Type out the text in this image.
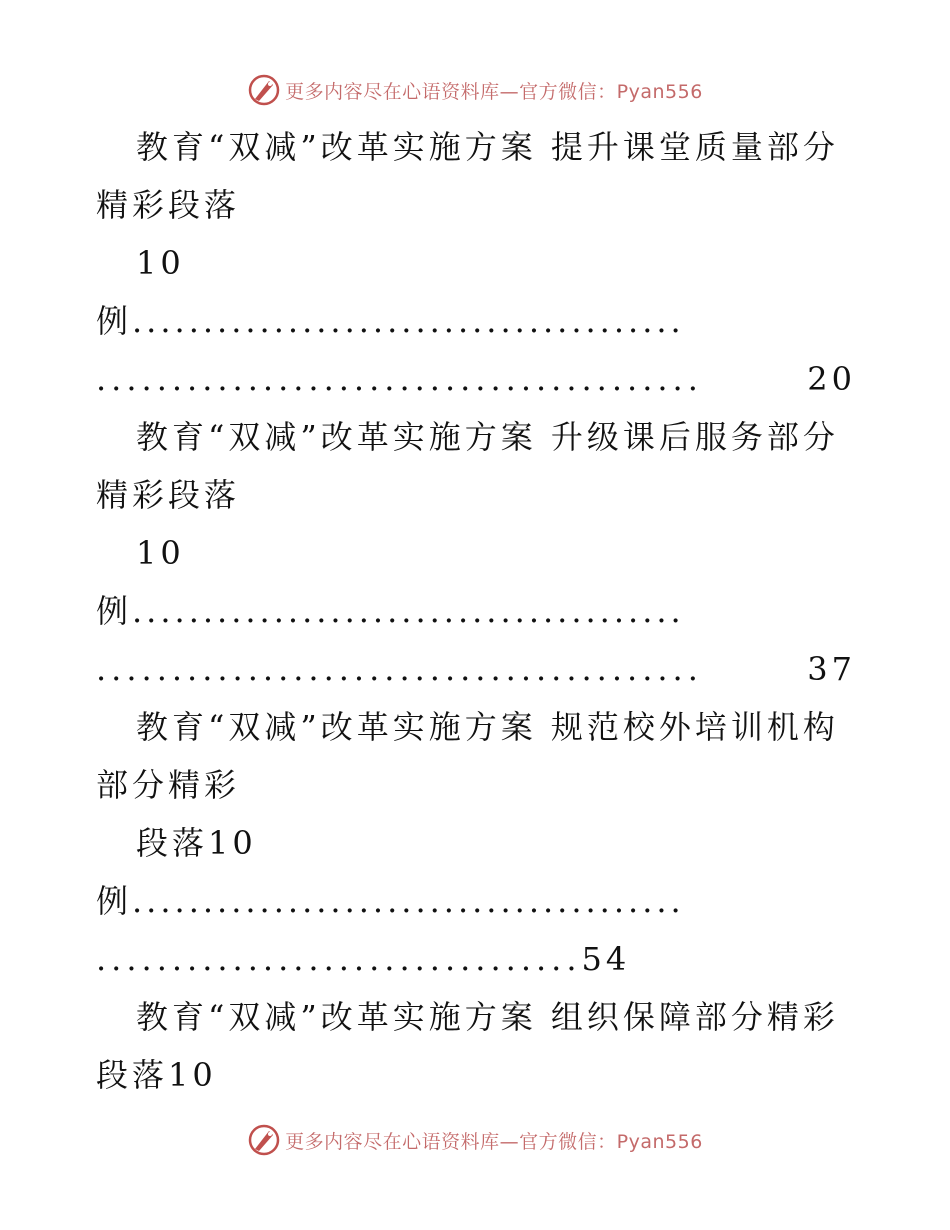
更多内容尽在心语资料库—官方微信：Pyan556
教育“双减”改革实施方案 提升课堂质量部分
精彩段落
10
例.......................................
........................................	20
教育“双减”改革实施方案 升级课后服务部分
精彩段落
10
例.......................................
........................................	37
教育“双减”改革实施方案 规范校外培训机构
部分精彩
段落10
例.......................................
................................ 54
教育“双减”改革实施方案 组织保障部分精彩
段落10
更多内容尽在心语资料库—官方微信：Pyan556
